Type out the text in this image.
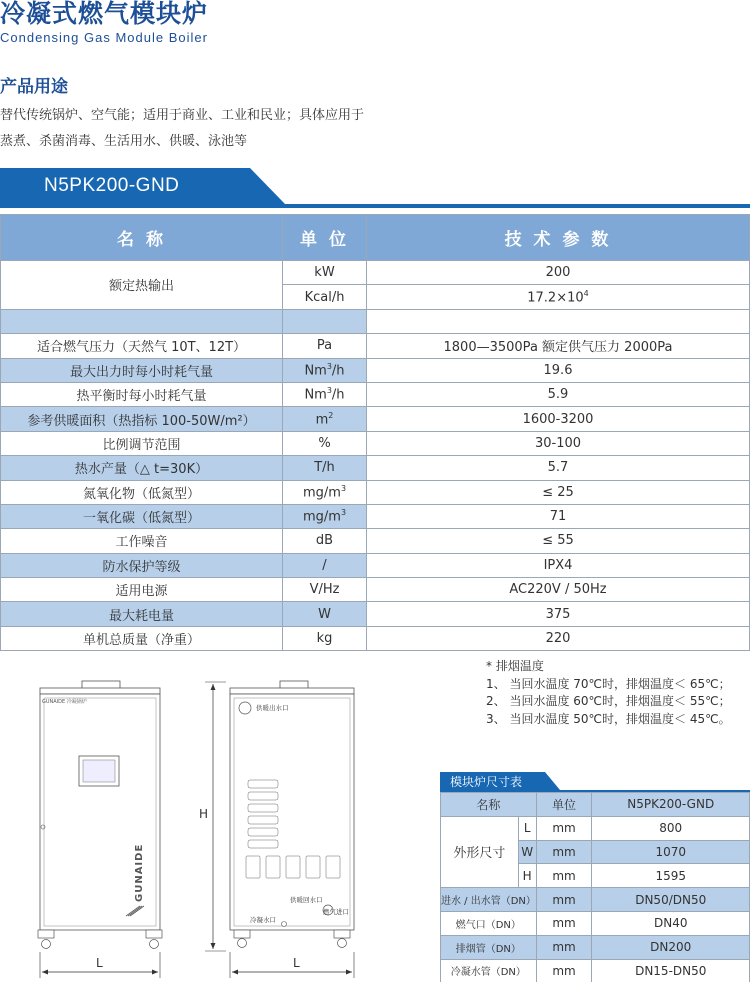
冷凝式燃气模块炉
Condensing Gas Module Boiler
产品用途
替代传统锅炉、空气能；适用于商业、工业和民业；具体应用于
蒸煮、杀菌消毒、生活用水、供暖、泳池等
N5PK200-GND
名 称	单 位	技 术 参 数
额定热输出	kW	200
	Kcal/h	$17.2\times 10^4$

适合燃气压力（天然气 10T、12T）	Pa	1800—3500Pa 额定供气压力 2000Pa
最大出力时每小时耗气量	Nm$^3$/h	19.6
热平衡时每小时耗气量	Nm$^3$/h	5.9
参考供暖面积（热指标 100-50W/m²）	$m^2$	1600-3200
比例调节范围	%	30-100
热水产量（△ t=30K）	T/h	5.7
氮氧化物（低氮型）	$mg/m^3$	≤ 25
一氧化碳（低氮型）	$mg/m^3$	71
工作噪音	dB	≤ 55
防水保护等级	/	IPX4
适用电源	V/Hz	AC220V / 50Hz
最大耗电量	W	375
单机总质量（净重）	kg	220
GUNAIDE 冷凝锅炉
GUNAIDE
L
H
供暖出水口
供暖回水口
燃气进口
冷凝水口
L
* 排烟温度
1、 当回水温度 70℃时，排烟温度＜ 65℃；
2、 当回水温度 60℃时，排烟温度＜ 55℃；
3、 当回水温度 50℃时，排烟温度＜ 45℃。
模块炉尺寸表
名称		单位	N5PK200-GND
外形尺寸	L	mm	800
	W	mm	1070
	H	mm	1595
进水 / 出水管（DN）		mm	DN50/DN50
燃气口（DN）		mm	DN40
排烟管（DN）		mm	DN200
冷凝水管（DN）		mm	DN15-DN50
